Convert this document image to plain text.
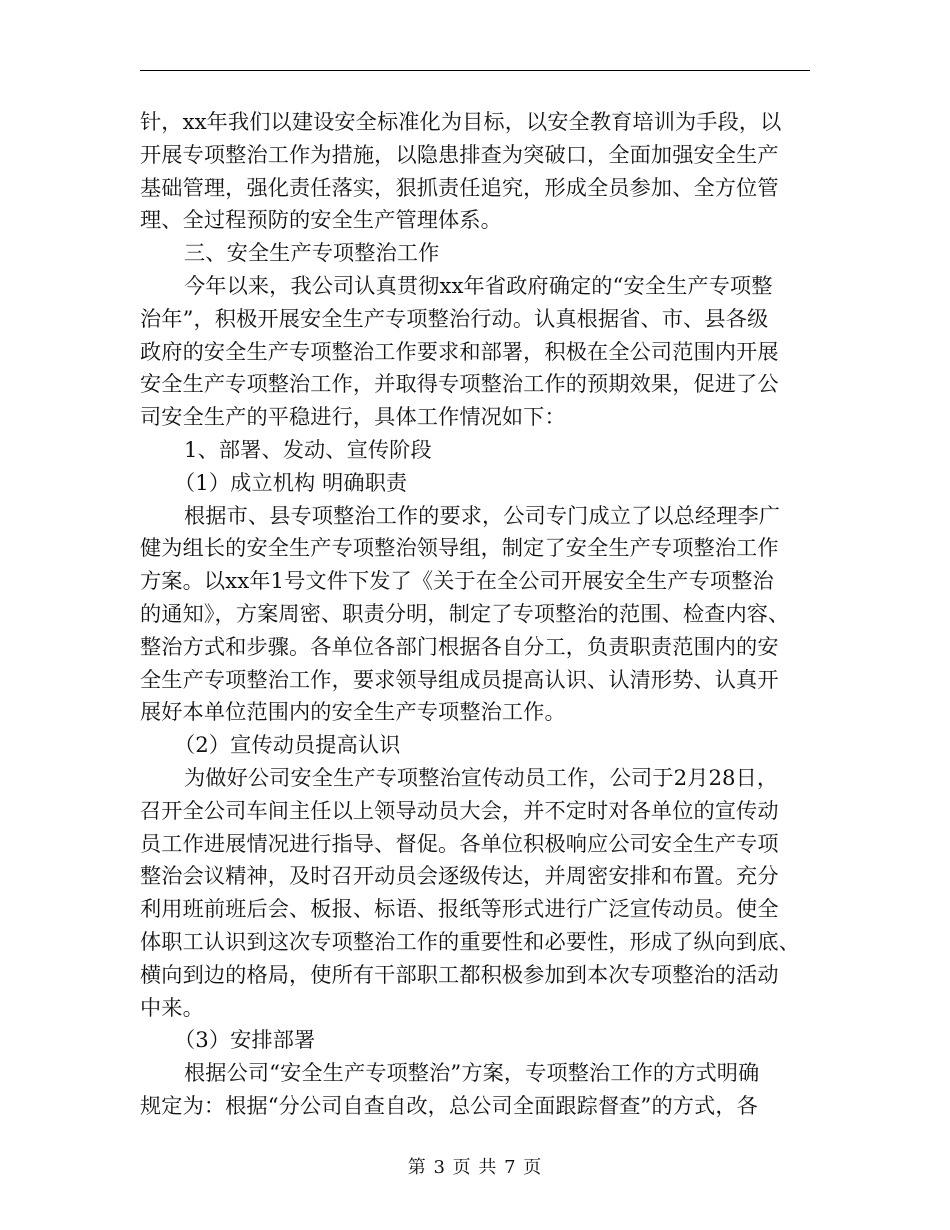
针，xx年我们以建设安全标准化为目标，以安全教育培训为手段，以
开展专项整治工作为措施，以隐患排查为突破口，全面加强安全生产
基础管理，强化责任落实，狠抓责任追究，形成全员参加、全方位管
理、全过程预防的安全生产管理体系。
三、安全生产专项整治工作
今年以来，我公司认真贯彻xx年省政府确定的“安全生产专项整
治年”，积极开展安全生产专项整治行动。认真根据省、市、县各级
政府的安全生产专项整治工作要求和部署，积极在全公司范围内开展
安全生产专项整治工作，并取得专项整治工作的预期效果，促进了公
司安全生产的平稳进行，具体工作情况如下：
1、部署、发动、宣传阶段
（1）成立机构 明确职责
根据市、县专项整治工作的要求，公司专门成立了以总经理李广
健为组长的安全生产专项整治领导组，制定了安全生产专项整治工作
方案。以xx年1号文件下发了《关于在全公司开展安全生产专项整治
的通知》，方案周密、职责分明，制定了专项整治的范围、检查内容、
整治方式和步骤。各单位各部门根据各自分工，负责职责范围内的安
全生产专项整治工作，要求领导组成员提高认识、认清形势、认真开
展好本单位范围内的安全生产专项整治工作。
（2）宣传动员提高认识
为做好公司安全生产专项整治宣传动员工作，公司于2月28日，
召开全公司车间主任以上领导动员大会，并不定时对各单位的宣传动
员工作进展情况进行指导、督促。各单位积极响应公司安全生产专项
整治会议精神，及时召开动员会逐级传达，并周密安排和布置。充分
利用班前班后会、板报、标语、报纸等形式进行广泛宣传动员。使全
体职工认识到这次专项整治工作的重要性和必要性，形成了纵向到底、
横向到边的格局，使所有干部职工都积极参加到本次专项整治的活动
中来。
（3）安排部署
根据公司“安全生产专项整治”方案，专项整治工作的方式明确
规定为：根据“分公司自查自改，总公司全面跟踪督查”的方式，各
第 3 页 共 7 页
